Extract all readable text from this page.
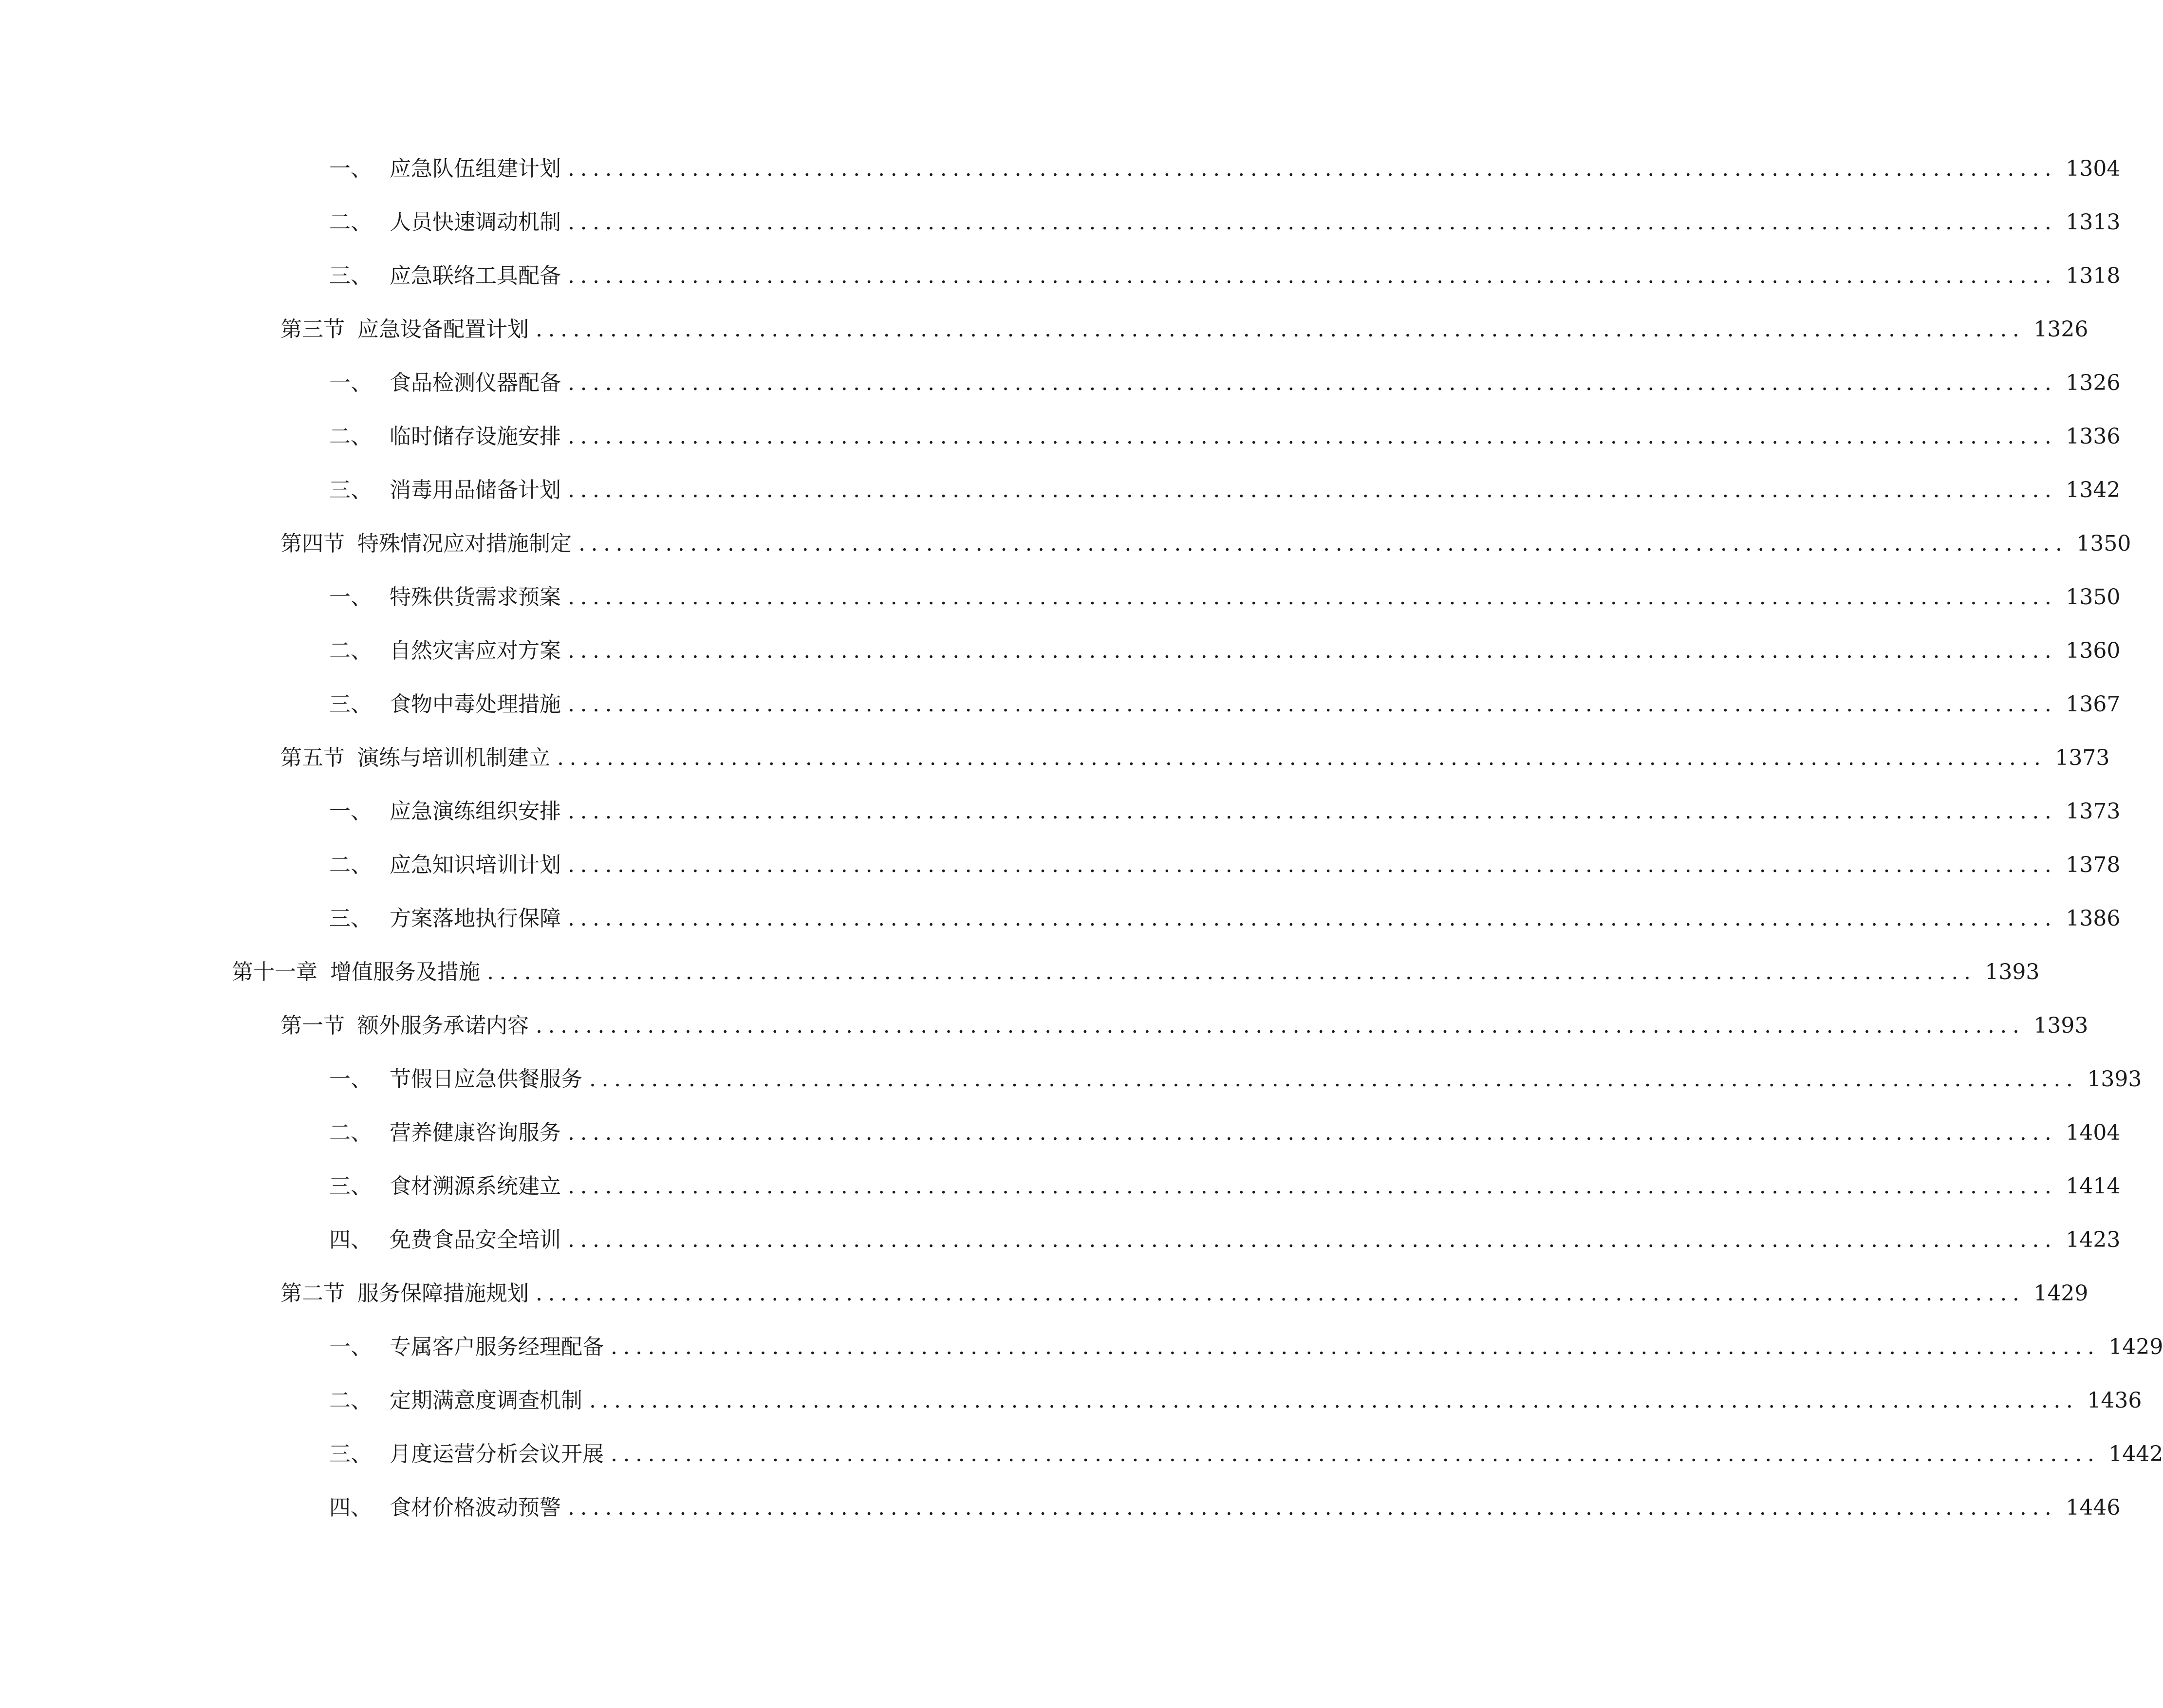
一、 应急队伍组建计划 ........................................................................................................................ 1304
二、 人员快速调动机制 ........................................................................................................................ 1313
三、 应急联络工具配备 ........................................................................................................................ 1318
第三节 应急设备配置计划 ........................................................................................................................ 1326
一、 食品检测仪器配备 ........................................................................................................................ 1326
二、 临时储存设施安排 ........................................................................................................................ 1336
三、 消毒用品储备计划 ........................................................................................................................ 1342
第四节 特殊情况应对措施制定 ........................................................................................................................ 1350
一、 特殊供货需求预案 ........................................................................................................................ 1350
二、 自然灾害应对方案 ........................................................................................................................ 1360
三、 食物中毒处理措施 ........................................................................................................................ 1367
第五节 演练与培训机制建立 ........................................................................................................................ 1373
一、 应急演练组织安排 ........................................................................................................................ 1373
二、 应急知识培训计划 ........................................................................................................................ 1378
三、 方案落地执行保障 ........................................................................................................................ 1386
第十一章 增值服务及措施 ........................................................................................................................ 1393
第一节 额外服务承诺内容 ........................................................................................................................ 1393
一、 节假日应急供餐服务 ........................................................................................................................ 1393
二、 营养健康咨询服务 ........................................................................................................................ 1404
三、 食材溯源系统建立 ........................................................................................................................ 1414
四、 免费食品安全培训 ........................................................................................................................ 1423
第二节 服务保障措施规划 ........................................................................................................................ 1429
一、 专属客户服务经理配备 ........................................................................................................................ 1429
二、 定期满意度调查机制 ........................................................................................................................ 1436
三、 月度运营分析会议开展 ........................................................................................................................ 1442
四、 食材价格波动预警 ........................................................................................................................ 1446
